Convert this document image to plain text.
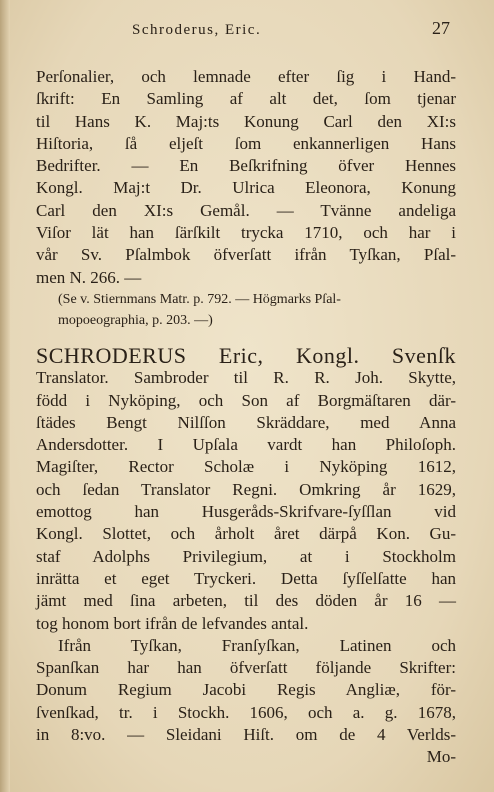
Schroderus, Eric.	27
Perſonalier, och lemnade efter ſig i Hand-
ſkrift: En Samling af alt det, ſom tjenar
til Hans K. Maj:ts Konung Carl den XI:s
Hiſtoria, ſå eljeſt ſom enkannerligen Hans
Bedrifter. — En Beſkrifning öfver Hennes
Kongl. Maj:t Dr. Ulrica Eleonora, Konung
Carl den XI:s Gemål. — Tvänne andeliga
Viſor lät han ſärſkilt trycka 1710, och har i
vår Sv. Pſalmbok öfverſatt ifrån Tyſkan, Pſal-
men N. 266. —
(Se v. Stiernmans Matr. p. 792. — Högmarks Pſal-
mopoeographia, p. 203. —)
SCHRODERUS Eric, Kongl. Svenſk
Translator. Sambroder til R. R. Joh. Skytte,
född i Nyköping, och Son af Borgmäſtaren där-
ſtädes Bengt Nilſſon Skräddare, med Anna
Andersdotter. I Upſala vardt han Philoſoph.
Magiſter, Rector Scholæ i Nyköping 1612,
och ſedan Translator Regni. Omkring år 1629,
emottog han Husgeråds-Skrifvare-ſyſſlan vid
Kongl. Slottet, och årholt året därpå Kon. Gu-
staf Adolphs Privilegium, at i Stockholm
inrätta et eget Tryckeri. Detta ſyſſelſatte han
jämt med ſina arbeten, til des döden år 16 —
tog honom bort ifrån de lefvandes antal.
Ifrån Tyſkan, Franſyſkan, Latinen och
Spanſkan har han öfverſatt följande Skrifter:
Donum Regium Jacobi Regis Angliæ, för-
ſvenſkad, tr. i Stockh. 1606, och a. g. 1678,
in 8:vo. — Sleidani Hiſt. om de 4 Verlds-
Mo-
